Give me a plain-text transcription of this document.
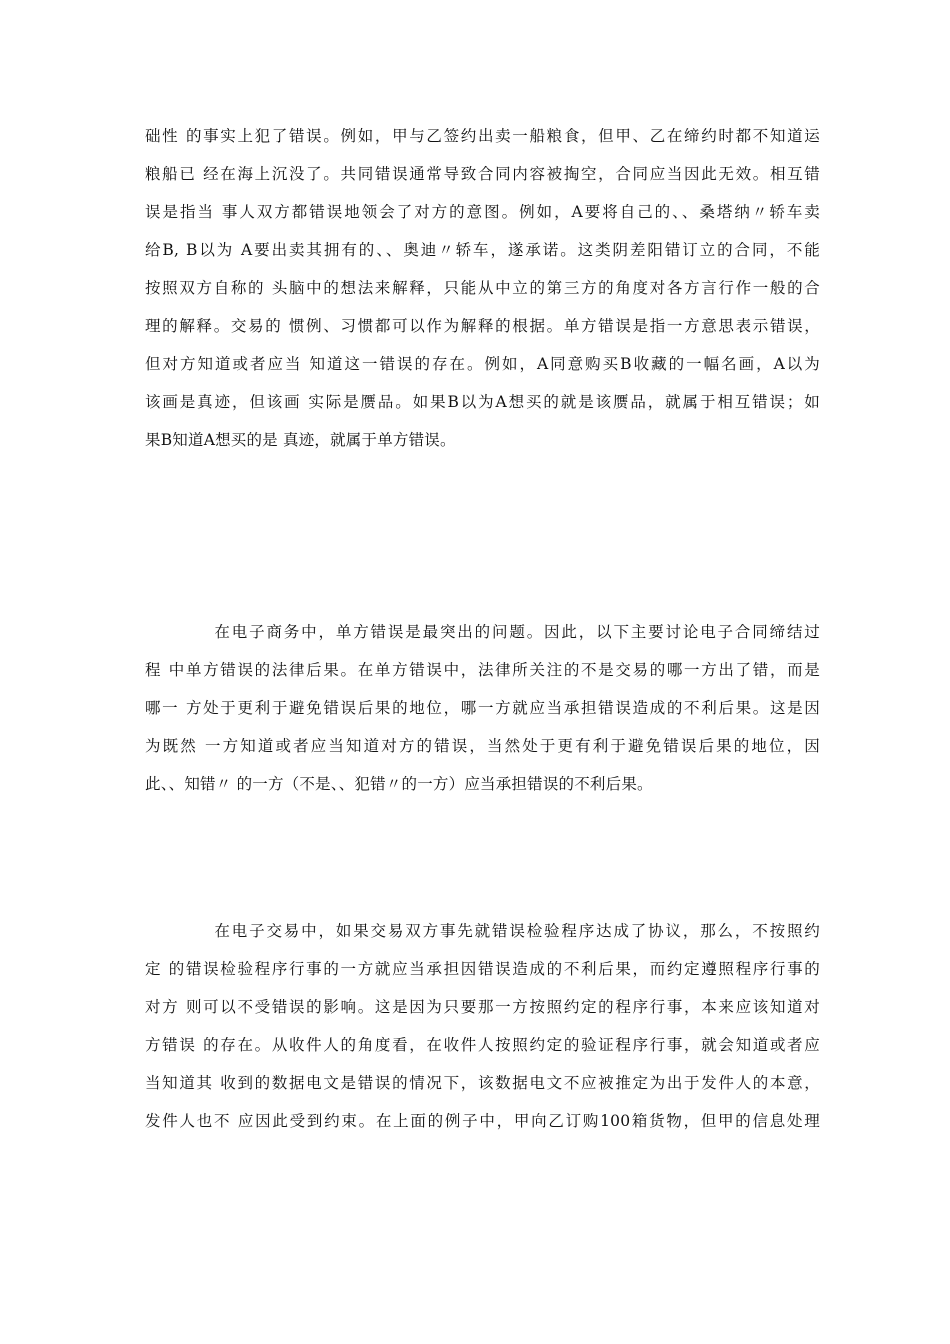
础性 的事实上犯了错误。例如，甲与乙签约出卖一船粮食，但甲、乙在缔约时都不知道运
粮船已 经在海上沉没了。共同错误通常导致合同内容被掏空，合同应当因此无效。相互错
误是指当 事人双方都错误地领会了对方的意图。例如，A要将自己的、、桑塔纳〃轿车卖
给B, B以为 A要出卖其拥有的、、奥迪〃轿车，遂承诺。这类阴差阳错订立的合同，不能
按照双方自称的 头脑中的想法来解释，只能从中立的第三方的角度对各方言行作一般的合
理的解释。交易的 惯例、习惯都可以作为解释的根据。单方错误是指一方意思表示错误，
但对方知道或者应当 知道这一错误的存在。例如，A同意购买B收藏的一幅名画，A以为
该画是真迹，但该画 实际是赝品。如果B以为A想买的就是该赝品，就属于相互错误；如
果B知道A想买的是 真迹，就属于单方错误。
　　　　在电子商务中，单方错误是最突出的问题。因此，以下主要讨论电子合同缔结过
程 中单方错误的法律后果。在单方错误中，法律所关注的不是交易的哪一方出了错，而是
哪一 方处于更利于避免错误后果的地位，哪一方就应当承担错误造成的不利后果。这是因
为既然 一方知道或者应当知道对方的错误，当然处于更有利于避免错误后果的地位，因
此、、知错〃 的一方（不是、、犯错〃的一方）应当承担错误的不利后果。
　　　　在电子交易中，如果交易双方事先就错误检验程序达成了协议，那么，不按照约
定 的错误检验程序行事的一方就应当承担因错误造成的不利后果，而约定遵照程序行事的
对方 则可以不受错误的影响。这是因为只要那一方按照约定的程序行事，本来应该知道对
方错误 的存在。从收件人的角度看，在收件人按照约定的验证程序行事，就会知道或者应
当知道其 收到的数据电文是错误的情况下，该数据电文不应被推定为出于发件人的本意，
发件人也不 应因此受到约束。在上面的例子中，甲向乙订购100箱货物，但甲的信息处理
